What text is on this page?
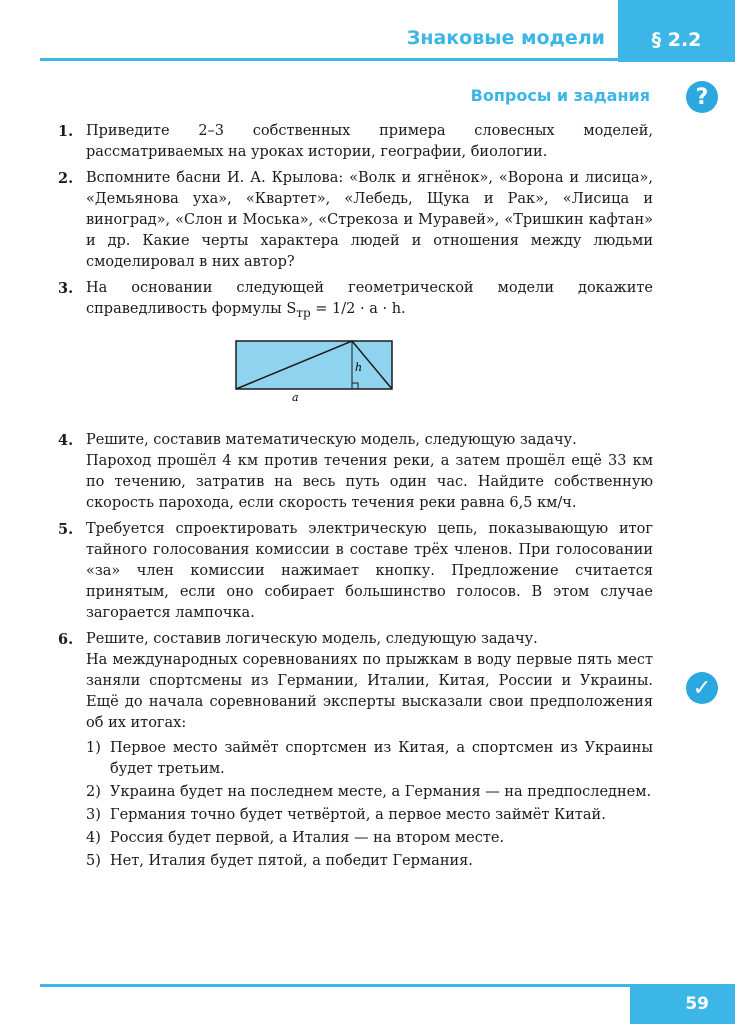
Знаковые модели	§ 2.2
Вопросы и задания	?
1. Приведите 2–3 собственных примера словесных моделей, рассматриваемых на уроках истории, географии, биологии.

2. Вспомните басни И. А. Крылова: «Волк и ягнёнок», «Ворона и лисица», «Демьянова уха», «Квартет», «Лебедь, Щука и Рак», «Лисица и виноград», «Слон и Моська», «Стрекоза и Муравей», «Тришкин кафтан» и др. Какие черты характера людей и отношения между людьми смоделировал в них автор?

3. На основании следующей геометрической модели докажите справедливость формулы $S_{тр} = 1/2 \cdot a \cdot h$.

h
a
4. Решите, составив математическую модель, следующую задачу.

Пароход прошёл 4 км против течения реки, а затем прошёл ещё 33 км по течению, затратив на весь путь один час. Найдите собственную скорость парохода, если скорость течения реки равна 6,5 км/ч.

5. Требуется спроектировать электрическую цепь, показывающую итог тайного голосования комиссии в составе трёх членов. При голосовании «за» член комиссии нажимает кнопку. Предложение считается принятым, если оно собирает большинство голосов. В этом случае загорается лампочка.

6. Решите, составив логическую модель, следующую задачу.

На международных соревнованиях по прыжкам в воду первые пять мест заняли спортсмены из Германии, Италии, Китая, России и Украины. Ещё до начала соревнований эксперты высказали свои предположения об их итогах:

1) Первое место займёт спортсмен из Китая, а спортсмен из Украины будет третьим.
2) Украина будет на последнем месте, а Германия — на предпоследнем.
3) Германия точно будет четвёртой, а первое место займёт Китай.
4) Россия будет первой, а Италия — на втором месте.
5) Нет, Италия будет пятой, а победит Германия.
✓
59
